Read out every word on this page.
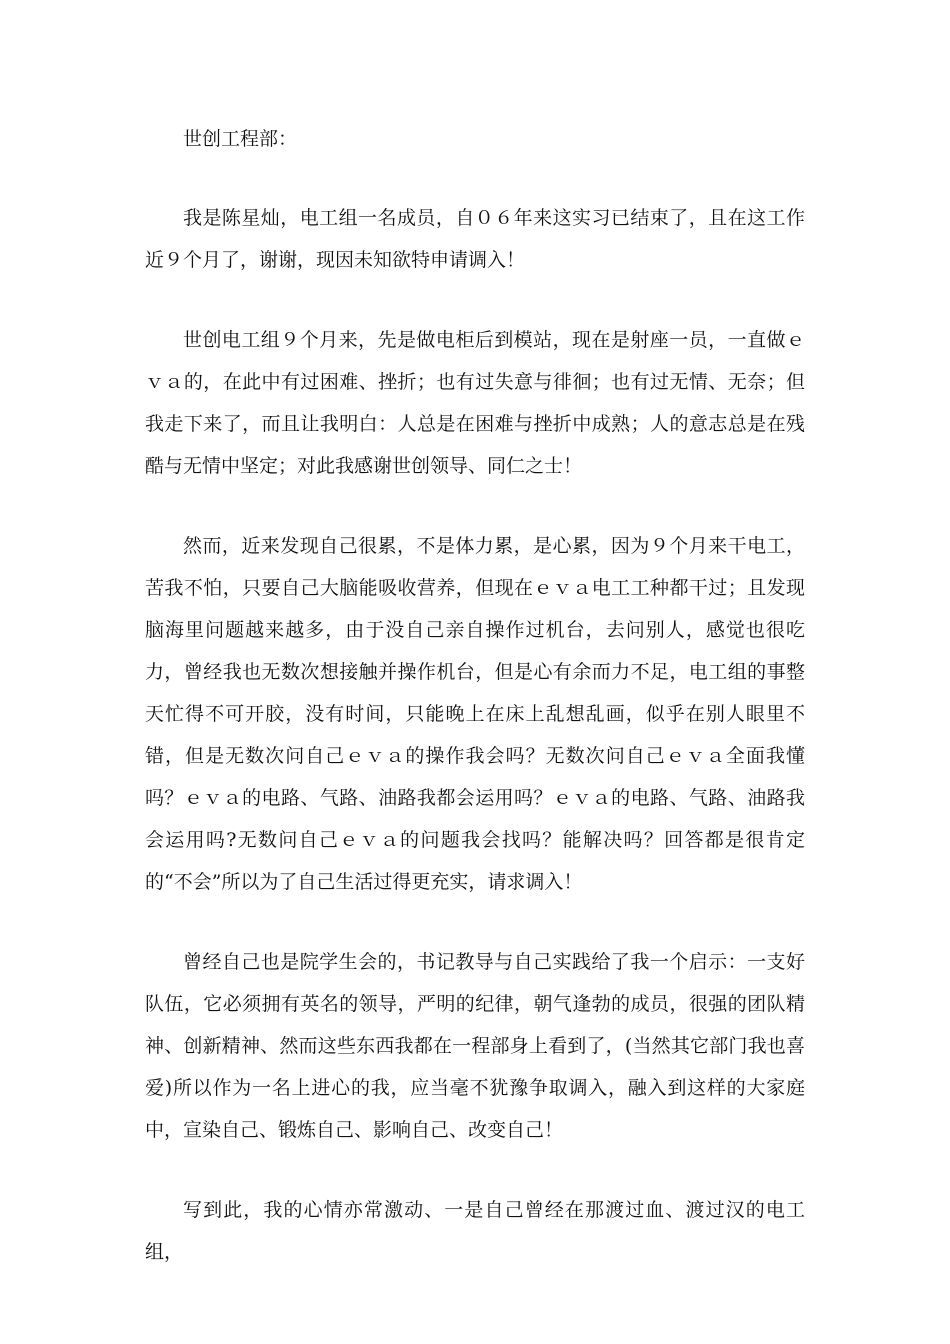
世创工程部：

我是陈星灿，电工组一名成员，自０６年来这实习已结束了，且在这工作近９个月了，谢谢，现因未知欲特申请调入！

世创电工组９个月来，先是做电柜后到模站，现在是射座一员，一直做ｅｖａ的，在此中有过困难、挫折；也有过失意与徘徊；也有过无情、无奈；但我走下来了，而且让我明白：人总是在困难与挫折中成熟；人的意志总是在残酷与无情中坚定；对此我感谢世创领导、同仁之士！

然而，近来发现自己很累，不是体力累，是心累，因为９个月来干电工，苦我不怕，只要自己大脑能吸收营养，但现在ｅｖａ电工工种都干过；且发现脑海里问题越来越多，由于没自己亲自操作过机台，去问别人，感觉也很吃力，曾经我也无数次想接触并操作机台，但是心有余而力不足，电工组的事整天忙得不可开胶，没有时间，只能晚上在床上乱想乱画，似乎在别人眼里不错，但是无数次问自己ｅｖａ的操作我会吗？无数次问自己ｅｖａ全面我懂吗？ｅｖａ的电路、气路、油路我都会运用吗？ｅｖａ的电路、气路、油路我会运用吗?无数问自己ｅｖａ的问题我会找吗？能解决吗？回答都是很肯定的“不会”所以为了自己生活过得更充实，请求调入！

曾经自己也是院学生会的，书记教导与自己实践给了我一个启示：一支好队伍，它必须拥有英名的领导，严明的纪律，朝气逢勃的成员，很强的团队精神、创新精神、然而这些东西我都在一程部身上看到了，(当然其它部门我也喜爱)所以作为一名上进心的我，应当毫不犹豫争取调入，融入到这样的大家庭中，宣染自己、锻炼自己、影响自己、改变自己！

写到此，我的心情亦常激动、一是自己曾经在那渡过血、渡过汉的电工组，
